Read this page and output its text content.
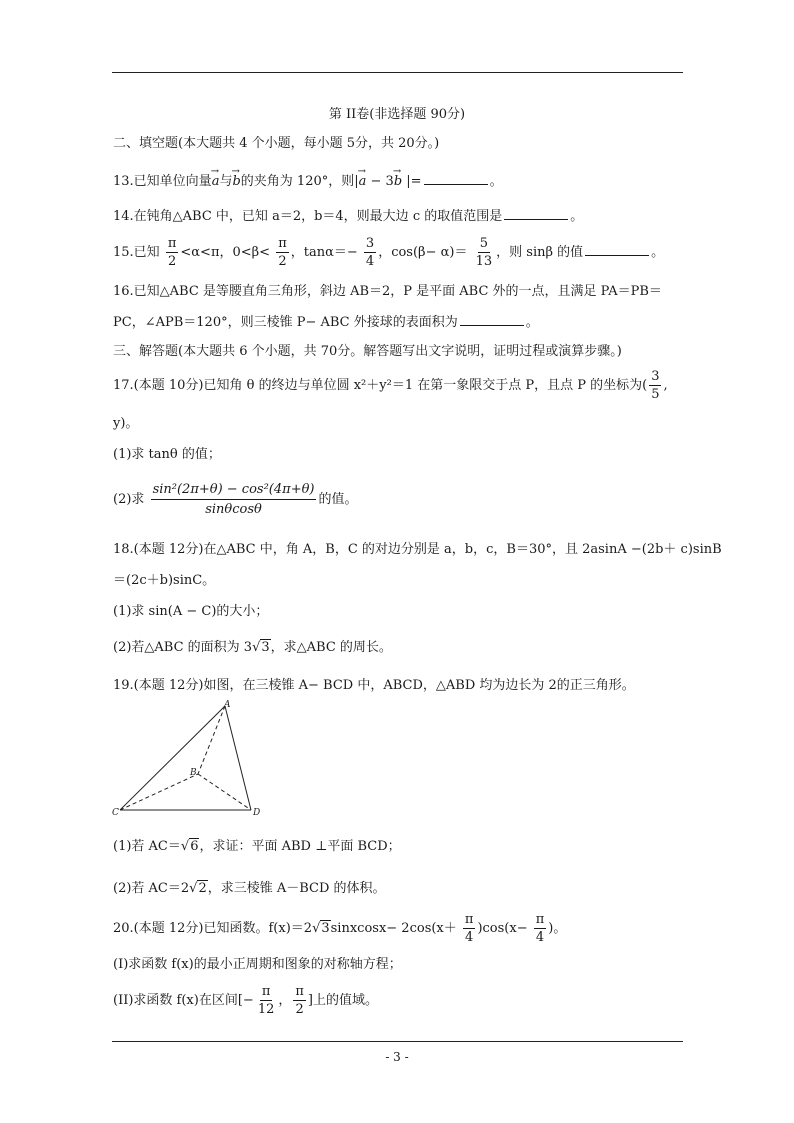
第 II卷(非选择题 90分)
二、填空题(本大题共 4 个小题，每小题 5分，共 20分。)
13.已知单位向量→ a与→ b的夹角为 120°，则|→ a − 3→ b |=	。
14.在钝角△ABC 中，已知 a＝2，b＝4，则最大边 c 的取值范围是	。
15.已知 $\frac{\pi}{2} <\alpha<\pi$，$0<\beta< \frac{\pi}{2}$ ，$\tan\alpha=- \frac{3}{4}$ ，$\cos(\beta- \alpha)= \frac{5}{13}$ ，则 sinβ 的值	。
16.已知△ABC 是等腰直角三角形，斜边 AB＝2，P 是平面 ABC 外的一点，且满足 PA＝PB＝
PC，∠APB＝120°，则三棱锥 P− ABC 外接球的表面积为	。
三、解答题(本大题共 6 个小题，共 70分。解答题写出文字说明，证明过程或演算步骤。)
17.(本题 10分)已知角 θ 的终边与单位圆 x²＋y²＝1 在第一象限交于点 P，且点 P 的坐标为( $\frac{3}{5}$ ,
y)。
(1)求 tanθ 的值；
(2)求 $\frac{\text{sin²(2π+θ) − cos²(4π+θ)}}{\sin\theta\cos\theta}$ 的值。
18.(本题 12分)在△ABC 中，角 A，B，C 的对边分别是 a，b，c，B＝30°，且 2asinA −(2b＋ c)sinB
＝(2c＋b)sinC。
(1)求 sin(A − C)的大小；
(2)若△ABC 的面积为 3√3，求△ABC 的周长。
19.(本题 12分)如图，在三棱锥 A− BCD 中，ABCD，△ABD 均为边长为 2的正三角形。
A
B
C	D
(1)若 AC＝√6，求证：平面 ABD ⊥平面 BCD；
(2)若 AC＝2√2，求三棱锥 A－BCD 的体积。
20.(本题 12分)已知函数。f(x)＝2√3sinxcosx− $2\cos(x+ \frac{\pi}{4} )\cos(x- \frac{\pi}{4}$ )。
(I)求函数 f(x)的最小正周期和图象的对称轴方程；
(II)求函数 f(x)在区间[− $\frac{\pi}{12}$ ， $\frac{\pi}{2}$ ]上的值域。
- 3 -
